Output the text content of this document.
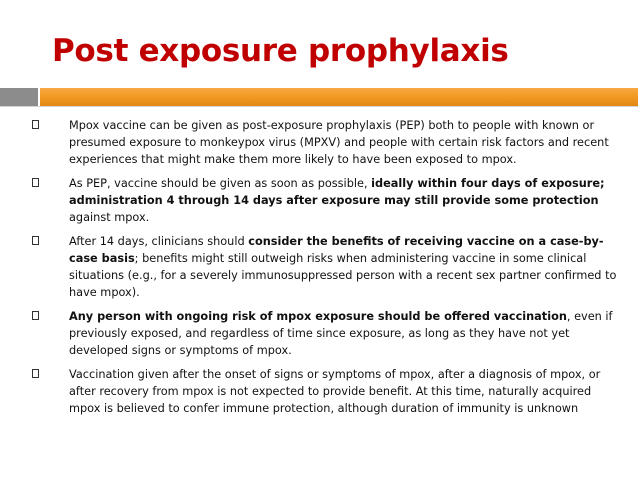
Post exposure prophylaxis
Mpox vaccine can be given as post-exposure prophylaxis (PEP) both to people with known or presumed exposure to monkeypox virus (MPXV) and people with certain risk factors and recent experiences that might make them more likely to have been exposed to mpox.
As PEP, vaccine should be given as soon as possible, ideally within four days of exposure; administration 4 through 14 days after exposure may still provide some protection against mpox.
After 14 days, clinicians should consider the benefits of receiving vaccine on a case-by-case basis; benefits might still outweigh risks when administering vaccine in some clinical situations (e.g., for a severely immunosuppressed person with a recent sex partner confirmed to have mpox).
Any person with ongoing risk of mpox exposure should be offered vaccination, even if previously exposed, and regardless of time since exposure, as long as they have not yet developed signs or symptoms of mpox.
Vaccination given after the onset of signs or symptoms of mpox, after a diagnosis of mpox, or after recovery from mpox is not expected to provide benefit. At this time, naturally acquired mpox is believed to confer immune protection, although duration of immunity is unknown
